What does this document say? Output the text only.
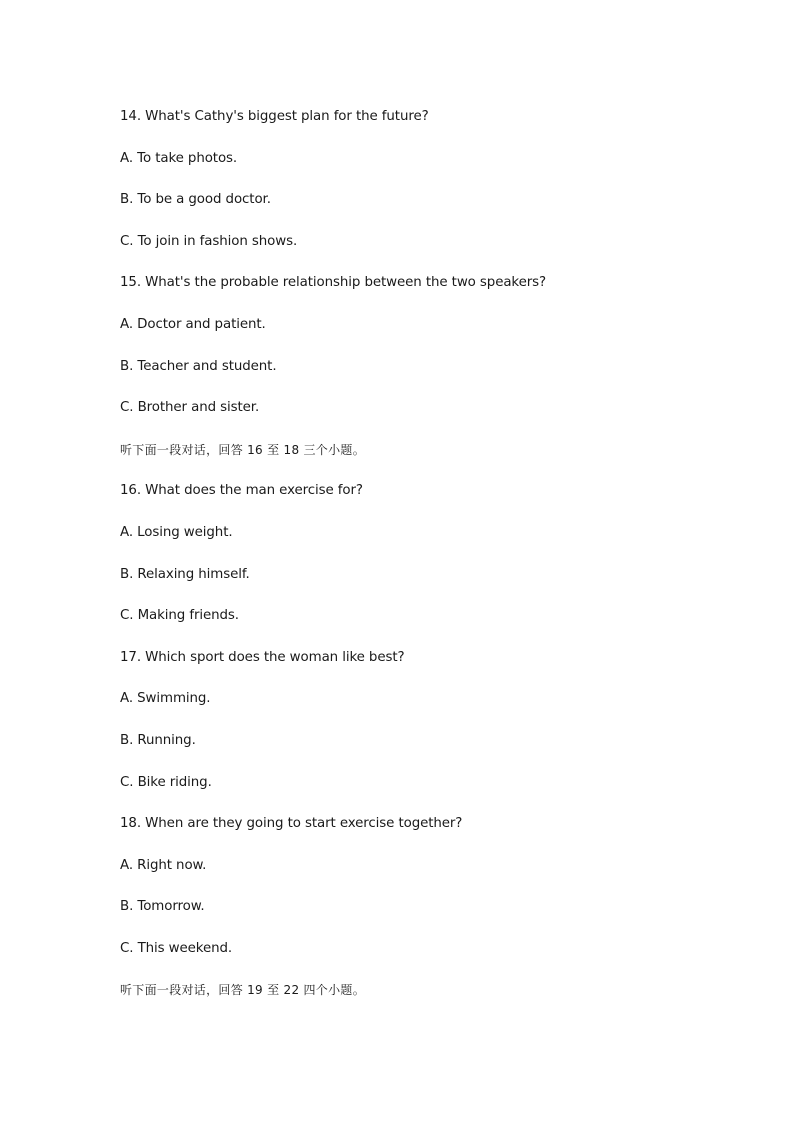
14. What's Cathy's biggest plan for the future?
A. To take photos.
B. To be a good doctor.
C. To join in fashion shows.
15. What's the probable relationship between the two speakers?
A. Doctor and patient.
B. Teacher and student.
C. Brother and sister.
听下面一段对话，回答 16 至 18 三个小题。
16. What does the man exercise for?
A. Losing weight.
B. Relaxing himself.
C. Making friends.
17. Which sport does the woman like best?
A. Swimming.
B. Running.
C. Bike riding.
18. When are they going to start exercise together?
A. Right now.
B. Tomorrow.
C. This weekend.
听下面一段对话，回答 19 至 22 四个小题。
